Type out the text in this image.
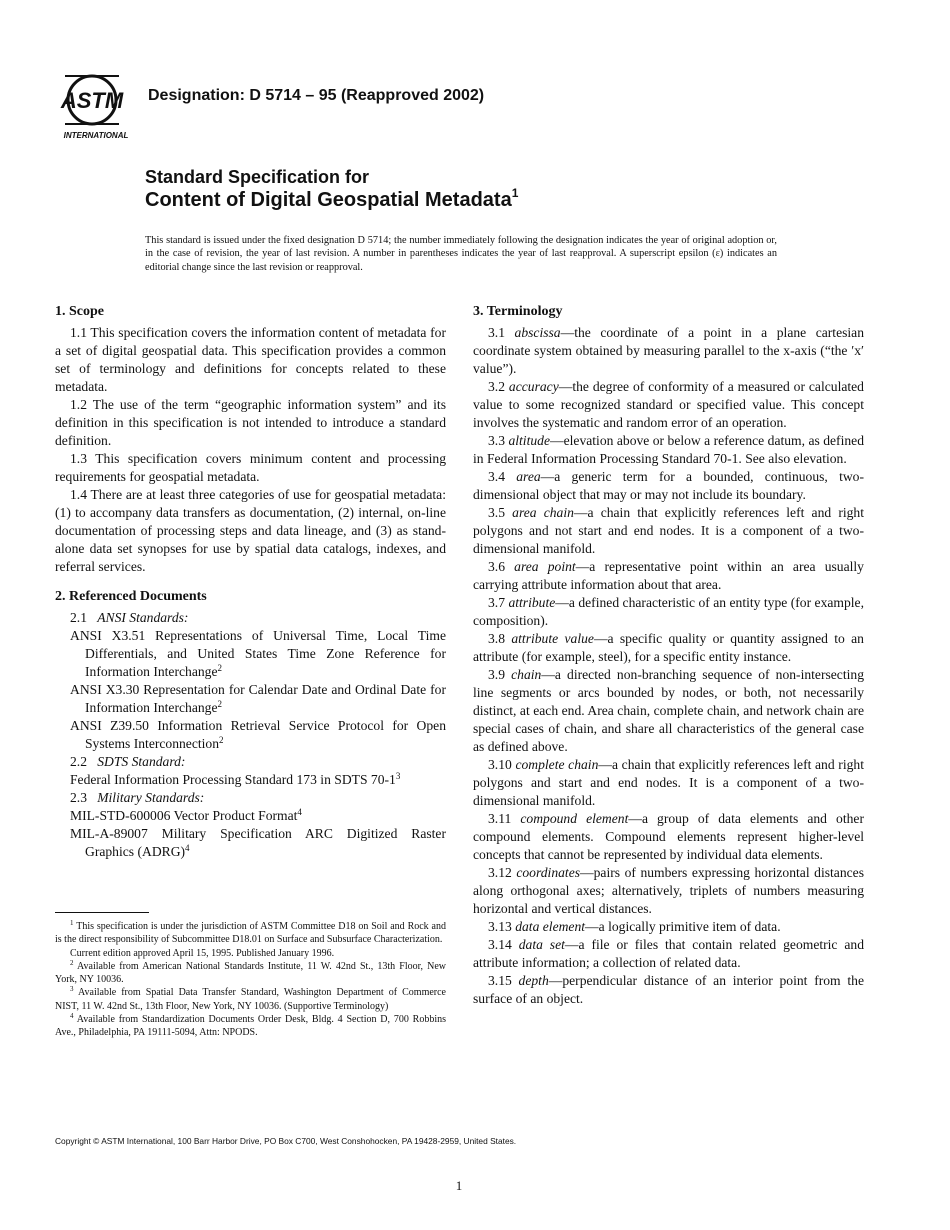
ASTM
INTERNATIONAL
Designation: D 5714 – 95 (Reapproved 2002)
Standard Specification for
Content of Digital Geospatial Metadata$^1$
This standard is issued under the fixed designation D 5714; the number immediately following the designation indicates the year of original adoption or, in the case of revision, the year of last revision. A number in parentheses indicates the year of last reapproval. A superscript epsilon (ε) indicates an editorial change since the last revision or reapproval.
1. Scope

1.1 This specification covers the information content of metadata for a set of digital geospatial data. This specification provides a common set of terminology and definitions for concepts related to these metadata.

1.2 The use of the term “geographic information system” and its definition in this specification is not intended to introduce a standard definition.

1.3 This specification covers minimum content and processing requirements for geospatial metadata.

1.4 There are at least three categories of use for geospatial metadata: (1) to accompany data transfers as documentation, (2) internal, on-line documentation of processing steps and data lineage, and (3) as stand-alone data set synopses for use by spatial data catalogs, indexes, and referral services.

2. Referenced Documents

2.1 ANSI Standards:

ANSI X3.51 Representations of Universal Time, Local Time Differentials, and United States Time Zone Reference for Information Interchange$^2$

ANSI X3.30 Representation for Calendar Date and Ordinal Date for Information Interchange$^2$

ANSI Z39.50 Information Retrieval Service Protocol for Open Systems Interconnection$^2$

2.2 SDTS Standard:

Federal Information Processing Standard 173 in SDTS $70-1^3$

2.3 Military Standards:

MIL-STD-600006 Vector Product Format$^4$

MIL-A-89007 Military Specification ARC Digitized Raster Graphics (ADRG)$^4$

3. Terminology

3.1 abscissa—the coordinate of a point in a plane cartesian coordinate system obtained by measuring parallel to the x-axis (“the ′x′ value”).

3.2 accuracy—the degree of conformity of a measured or calculated value to some recognized standard or specified value. This concept involves the systematic and random error of an operation.

3.3 altitude—elevation above or below a reference datum, as defined in Federal Information Processing Standard 70-1. See also elevation.

3.4 area—a generic term for a bounded, continuous, two-dimensional object that may or may not include its boundary.

3.5 area chain—a chain that explicitly references left and right polygons and not start and end nodes. It is a component of a two-dimensional manifold.

3.6 area point—a representative point within an area usually carrying attribute information about that area.

3.7 attribute—a defined characteristic of an entity type (for example, composition).

3.8 attribute value—a specific quality or quantity assigned to an attribute (for example, steel), for a specific entity instance.

3.9 chain—a directed non-branching sequence of non-intersecting line segments or arcs bounded by nodes, or both, not necessarily distinct, at each end. Area chain, complete chain, and network chain are special cases of chain, and share all characteristics of the general case as defined above.

3.10 complete chain—a chain that explicitly references left and right polygons and start and end nodes. It is a component of a two-dimensional manifold.

3.11 compound element—a group of data elements and other compound elements. Compound elements represent higher-level concepts that cannot be represented by individual data elements.

3.12 coordinates—pairs of numbers expressing horizontal distances along orthogonal axes; alternatively, triplets of numbers measuring horizontal and vertical distances.

3.13 data element—a logically primitive item of data.

3.14 data set—a file or files that contain related geometric and attribute information; a collection of related data.

3.15 depth—perpendicular distance of an interior point from the surface of an object.

$^1$ This specification is under the jurisdiction of ASTM Committee D18 on Soil and Rock and is the direct responsibility of Subcommittee D18.01 on Surface and Subsurface Characterization.

Current edition approved April 15, 1995. Published January 1996.

$^2$ Available from American National Standards Institute, 11 W. 42nd St., 13th Floor, New York, NY 10036.

$^3$ Available from Spatial Data Transfer Standard, Washington Department of Commerce NIST, 11 W. 42nd St., 13th Floor, New York, NY 10036. (Supportive Terminology)

$^4$ Available from Standardization Documents Order Desk, Bldg. 4 Section D, 700 Robbins Ave., Philadelphia, PA 19111-5094, Attn: NPODS.

Copyright © ASTM International, 100 Barr Harbor Drive, PO Box C700, West Conshohocken, PA 19428-2959, United States.
1
